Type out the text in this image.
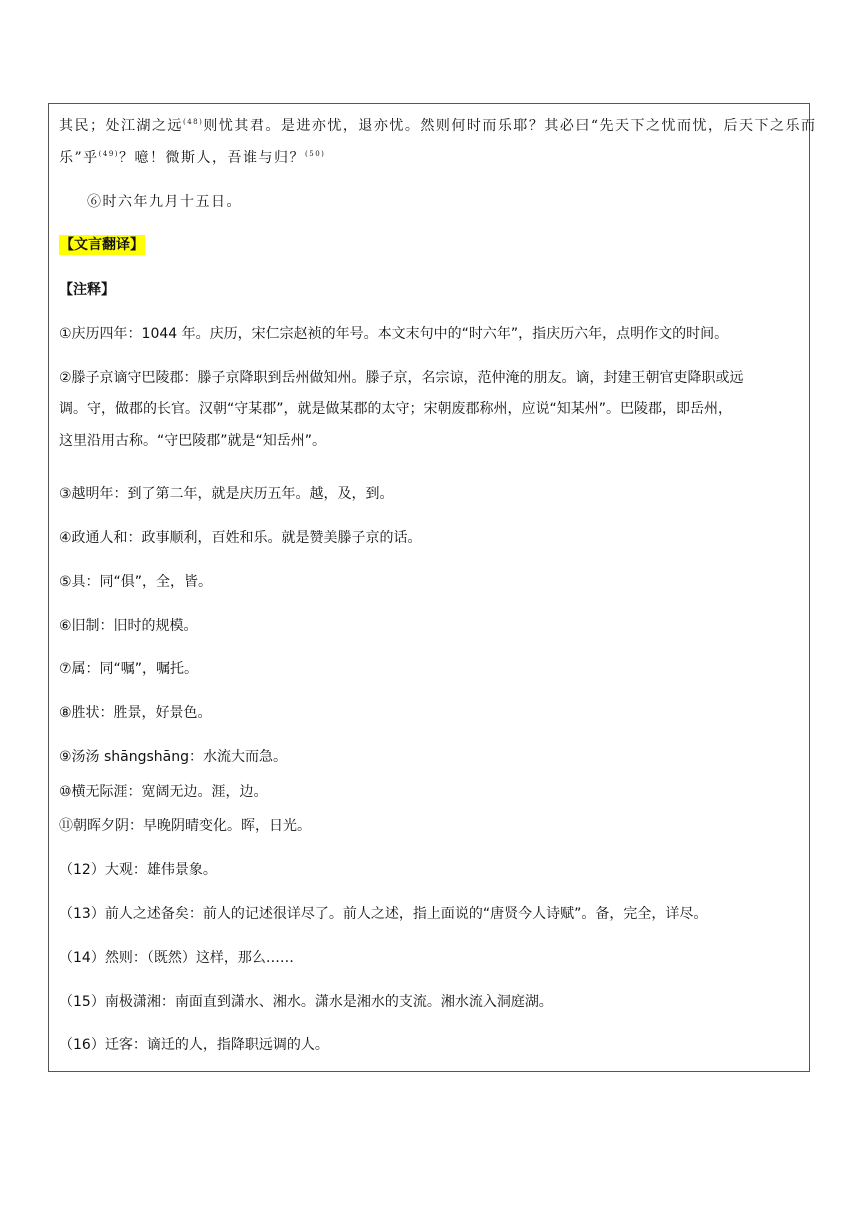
其民；处江湖之远$^{(48)}$则忧其君。是进亦忧，退亦忧。然则何时而乐耶？其必曰“先天下之忧而忧，后天下之乐而
乐”乎$^{(49)}$？噫！微斯人，吾谁与归？$^{(50)}$
⑥时六年九月十五日。
【文言翻译】
【注释】
①庆历四年：1044 年。庆历，宋仁宗赵祯的年号。本文末句中的“时六年”，指庆历六年，点明作文的时间。
②滕子京谪守巴陵郡：滕子京降职到岳州做知州。滕子京，名宗谅，范仲淹的朋友。谪，封建王朝官吏降职或远
调。守，做郡的长官。汉朝“守某郡”，就是做某郡的太守；宋朝废郡称州，应说“知某州”。巴陵郡，即岳州，
这里沿用古称。“守巴陵郡”就是“知岳州”。
③越明年：到了第二年，就是庆历五年。越，及，到。
④政通人和：政事顺利，百姓和乐。就是赞美滕子京的话。
⑤具：同“俱”，全，皆。
⑥旧制：旧时的规模。
⑦属：同“嘱”，嘱托。
⑧胜状：胜景，好景色。
⑨汤汤 shāngshāng：水流大而急。
⑩横无际涯：宽阔无边。涯，边。
⑪朝晖夕阴：早晚阴晴变化。晖，日光。
（12）大观：雄伟景象。
（13）前人之述备矣：前人的记述很详尽了。前人之述，指上面说的“唐贤今人诗赋”。备，完全，详尽。
（14）然则：（既然）这样，那么……
（15）南极潇湘：南面直到潇水、湘水。潇水是湘水的支流。湘水流入洞庭湖。
（16）迁客：谪迁的人，指降职远调的人。
